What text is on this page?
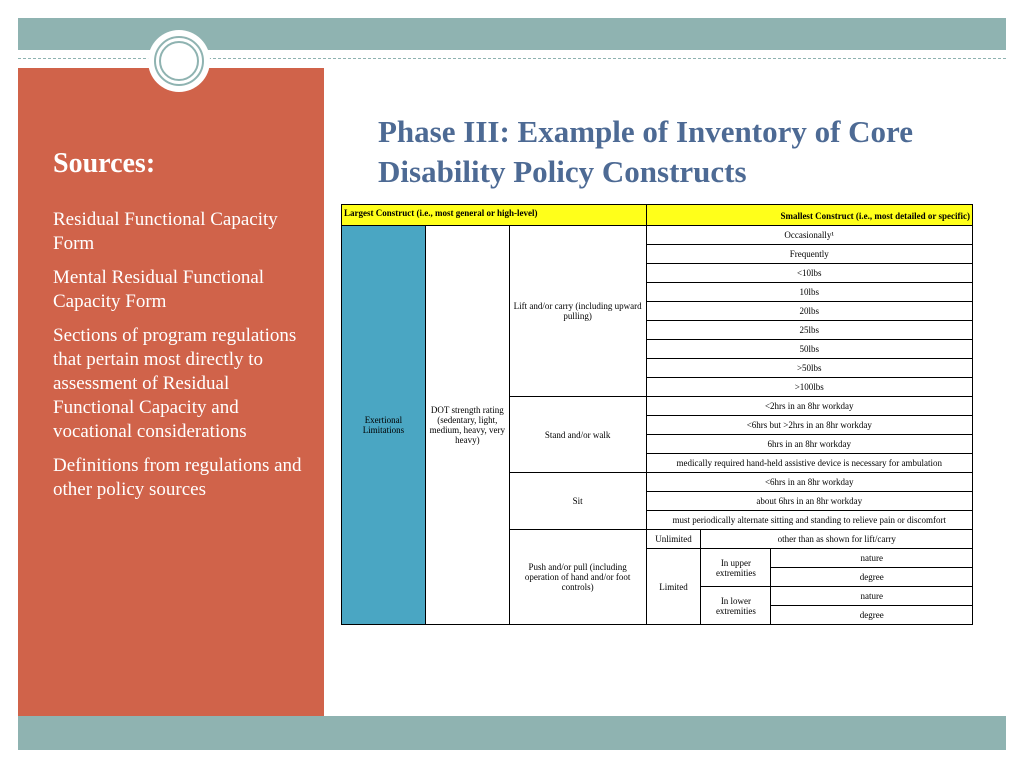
Sources:
Residual Functional Capacity Form
Mental Residual Functional Capacity Form
Sections of program regulations that pertain most directly to assessment of Residual Functional Capacity and vocational considerations
Definitions from regulations and other policy sources
Phase III: Example of Inventory of Core Disability Policy Constructs
Largest Construct (i.e., most general or high-level)			Smallest Construct (i.e., most detailed or specific)		
Exertional Limitations	DOT strength rating (sedentary, light, medium, heavy, very heavy)	Lift and/or carry (including upward pulling)	Occasionally¹		
			Frequently		
			<10lbs		
			10lbs		
			20lbs		
			25lbs		
			50lbs		
			>50lbs		
			>100lbs		
		Stand and/or walk	<2hrs in an 8hr workday		
			<6hrs but >2hrs in an 8hr workday		
			6hrs in an 8hr workday		
			medically required hand-held assistive device is necessary for ambulation		
		Sit	<6hrs in an 8hr workday		
			about 6hrs in an 8hr workday		
			must periodically alternate sitting and standing to relieve pain or discomfort		
		Push and/or pull (including operation of hand and/or foot controls)	Unlimited	other than as shown for lift/carry	
			Limited	In upper extremities	nature
					degree
				In lower extremities	nature
					degree
